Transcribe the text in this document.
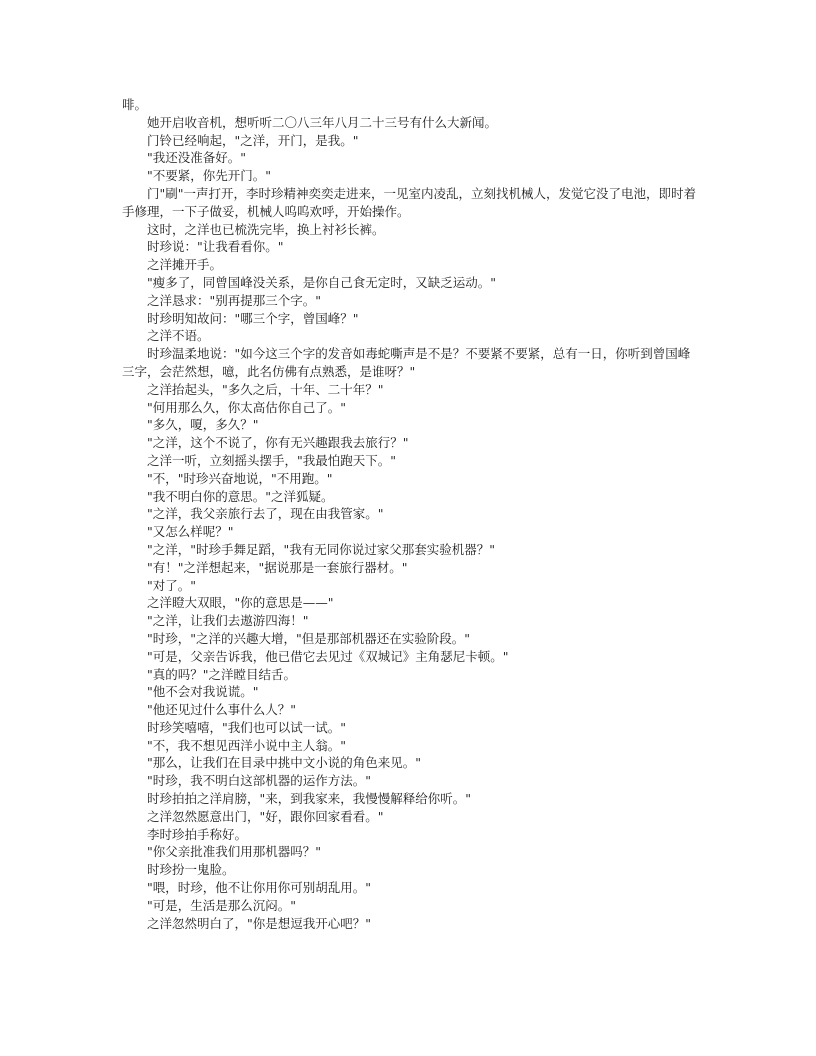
啡。

她开启收音机，想听听二〇八三年八月二十三号有什么大新闻。

门铃已经响起，"之洋，开门，是我。"

"我还没准备好。"

"不要紧，你先开门。"

门"刷"一声打开，李时珍精神奕奕走进来，一见室内凌乱，立刻找机械人，发觉它没了电池，即时着手修理，一下子做妥，机械人呜呜欢呼，开始操作。

这时，之洋也已梳洗完毕，换上衬衫长裤。

时珍说："让我看看你。"

之洋摊开手。

"瘦多了，同曾国峰没关系，是你自己食无定时，又缺乏运动。"

之洋恳求："别再提那三个字。"

时珍明知故问："哪三个字，曾国峰？"

之洋不语。

时珍温柔地说："如今这三个字的发音如毒蛇嘶声是不是？不要紧不要紧，总有一日，你听到曾国峰三字，会茫然想，噫，此名仿佛有点熟悉，是谁呀？"

之洋抬起头，"多久之后，十年、二十年？"

"何用那么久，你太高估你自己了。"

"多久，嗄，多久？"

"之洋，这个不说了，你有无兴趣跟我去旅行？"

之洋一听，立刻摇头摆手，"我最怕跑天下。"

"不，"时珍兴奋地说，"不用跑。"

"我不明白你的意思。"之洋狐疑。

"之洋，我父亲旅行去了，现在由我管家。"

"又怎么样呢？"

"之洋，"时珍手舞足蹈，"我有无同你说过家父那套实验机器？"

"有！"之洋想起来，"据说那是一套旅行器材。"

"对了。"

之洋瞪大双眼，"你的意思是——"

"之洋，让我们去遨游四海！"

"时珍，"之洋的兴趣大增，"但是那部机器还在实验阶段。"

"可是，父亲告诉我，他已借它去见过《双城记》主角瑟尼卡顿。"

"真的吗？"之洋瞠目结舌。

"他不会对我说谎。"

"他还见过什么事什么人？"

时珍笑嘻嘻，"我们也可以试一试。"

"不，我不想见西洋小说中主人翁。"

"那么，让我们在目录中挑中文小说的角色来见。"

"时珍，我不明白这部机器的运作方法。"

时珍拍拍之洋肩膀，"来，到我家来，我慢慢解释给你听。"

之洋忽然愿意出门，"好，跟你回家看看。"

李时珍拍手称好。

"你父亲批准我们用那机器吗？"

时珍扮一鬼脸。

"喂，时珍，他不让你用你可别胡乱用。"

"可是，生活是那么沉闷。"

之洋忽然明白了，"你是想逗我开心吧？"
